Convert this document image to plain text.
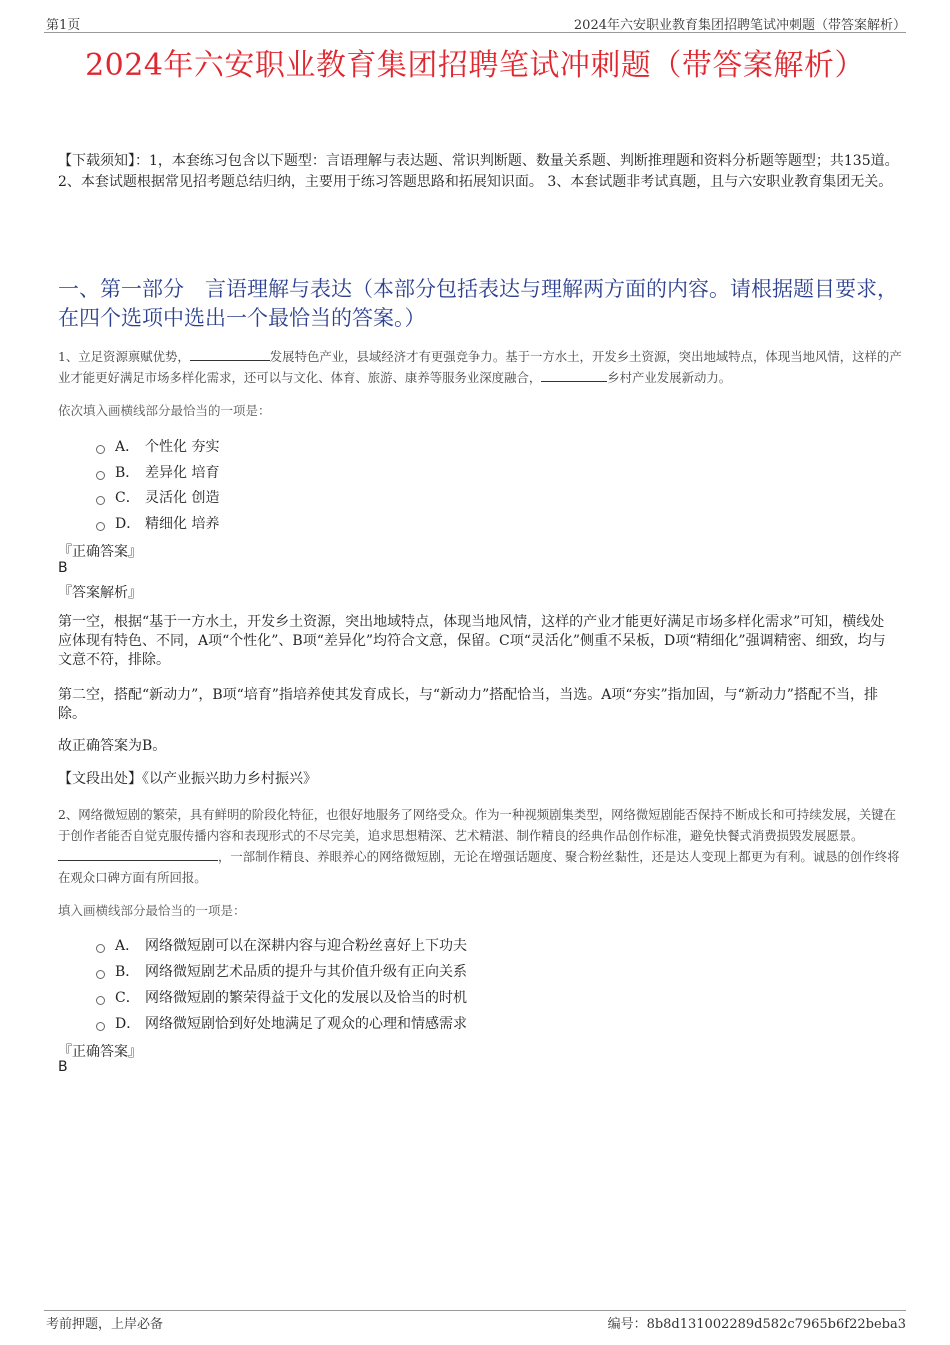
第1页	2024年六安职业教育集团招聘笔试冲刺题（带答案解析）
2024年六安职业教育集团招聘笔试冲刺题（带答案解析）
【下载须知】：1，本套练习包含以下题型：言语理解与表达题、常识判断题、数量关系题、判断推理题和资料分析题等题型；共135道。 2、本套试题根据常见招考题总结归纳，主要用于练习答题思路和拓展知识面。 3、本套试题非考试真题，且与六安职业教育集团无关。
一、第一部分　言语理解与表达（本部分包括表达与理解两方面的内容。请根据题目要求，在四个选项中选出一个最恰当的答案。）
1、立足资源禀赋优势，	发展特色产业，县域经济才有更强竞争力。基于一方水土，开发乡土资源，突出地域特点，体现当地风情，这样的产业才能更好满足市场多样化需求，还可以与文化、体育、旅游、康养等服务业深度融合，	乡村产业发展新动力。
依次填入画横线部分最恰当的一项是：
A． 个性化 夯实
B． 差异化 培育
C． 灵活化 创造
D． 精细化 培养
『正确答案』
B
『答案解析』
第一空，根据“基于一方水土，开发乡土资源，突出地域特点，体现当地风情，这样的产业才能更好满足市场多样化需求”可知，横线处应体现有特色、不同，A项“个性化”、B项“差异化”均符合文意，保留。C项“灵活化”侧重不呆板，D项“精细化”强调精密、细致，均与文意不符，排除。
第二空，搭配“新动力”，B项“培育”指培养使其发育成长，与“新动力”搭配恰当，当选。A项“夯实”指加固，与“新动力”搭配不当，排除。
故正确答案为B。
【文段出处】《以产业振兴助力乡村振兴》
2、网络微短剧的繁荣，具有鲜明的阶段化特征，也很好地服务了网络受众。作为一种视频剧集类型，网络微短剧能否保持不断成长和可持续发展，关键在于创作者能否自觉克服传播内容和表现形式的不尽完美，追求思想精深、艺术精湛、制作精良的经典作品创作标准，避免快餐式消费损毁发展愿景。，一部制作精良、养眼养心的网络微短剧，无论在增强话题度、聚合粉丝黏性，还是达人变现上都更为有利。诚恳的创作终将在观众口碑方面有所回报。
填入画横线部分最恰当的一项是：
A． 网络微短剧可以在深耕内容与迎合粉丝喜好上下功夫
B． 网络微短剧艺术品质的提升与其价值升级有正向关系
C． 网络微短剧的繁荣得益于文化的发展以及恰当的时机
D． 网络微短剧恰到好处地满足了观众的心理和情感需求
『正确答案』
B
考前押题，上岸必备	编号：8b8d131002289d582c7965b6f22beba3
